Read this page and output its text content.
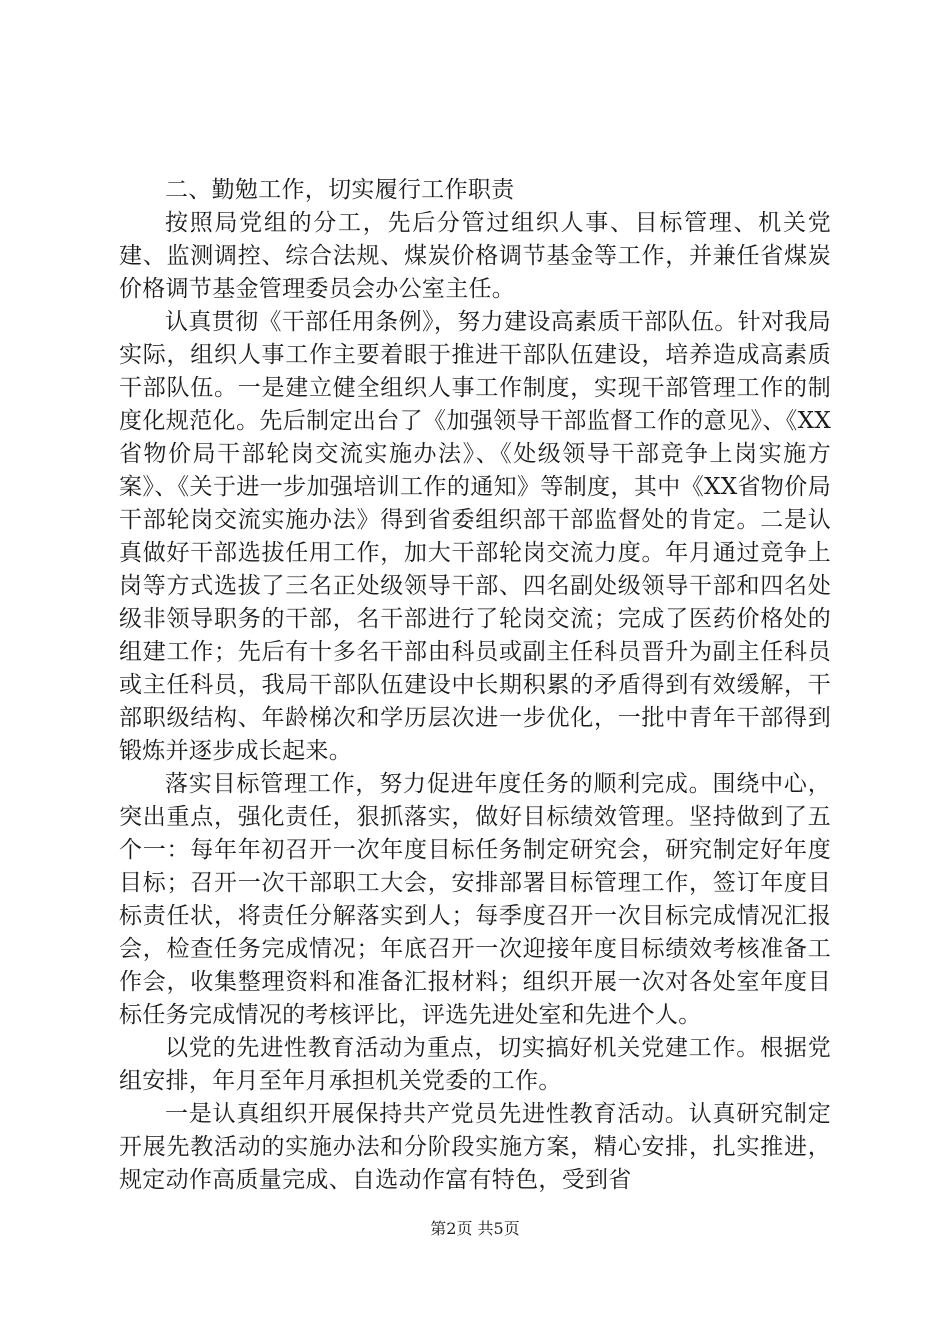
二、勤勉工作，切实履行工作职责

按照局党组的分工，先后分管过组织人事、目标管理、机关党建、监测调控、综合法规、煤炭价格调节基金等工作，并兼任省煤炭价格调节基金管理委员会办公室主任。

认真贯彻《干部任用条例》，努力建设高素质干部队伍。针对我局实际，组织人事工作主要着眼于推进干部队伍建设，培养造成高素质干部队伍。一是建立健全组织人事工作制度，实现干部管理工作的制度化规范化。先后制定出台了《加强领导干部监督工作的意见》、《XX省物价局干部轮岗交流实施办法》、《处级领导干部竞争上岗实施方案》、《关于进一步加强培训工作的通知》等制度，其中《XX省物价局干部轮岗交流实施办法》得到省委组织部干部监督处的肯定。二是认真做好干部选拔任用工作，加大干部轮岗交流力度。年月通过竞争上岗等方式选拔了三名正处级领导干部、四名副处级领导干部和四名处级非领导职务的干部，名干部进行了轮岗交流；完成了医药价格处的组建工作；先后有十多名干部由科员或副主任科员晋升为副主任科员或主任科员，我局干部队伍建设中长期积累的矛盾得到有效缓解，干部职级结构、年龄梯次和学历层次进一步优化，一批中青年干部得到锻炼并逐步成长起来。

落实目标管理工作，努力促进年度任务的顺利完成。围绕中心，突出重点，强化责任，狠抓落实，做好目标绩效管理。坚持做到了五个一：每年年初召开一次年度目标任务制定研究会，研究制定好年度目标；召开一次干部职工大会，安排部署目标管理工作，签订年度目标责任状，将责任分解落实到人；每季度召开一次目标完成情况汇报会，检查任务完成情况；年底召开一次迎接年度目标绩效考核准备工作会，收集整理资料和准备汇报材料；组织开展一次对各处室年度目标任务完成情况的考核评比，评选先进处室和先进个人。

以党的先进性教育活动为重点，切实搞好机关党建工作。根据党组安排，年月至年月承担机关党委的工作。

一是认真组织开展保持共产党员先进性教育活动。认真研究制定开展先教活动的实施办法和分阶段实施方案，精心安排，扎实推进，规定动作高质量完成、自选动作富有特色，受到省

第2页 共5页
